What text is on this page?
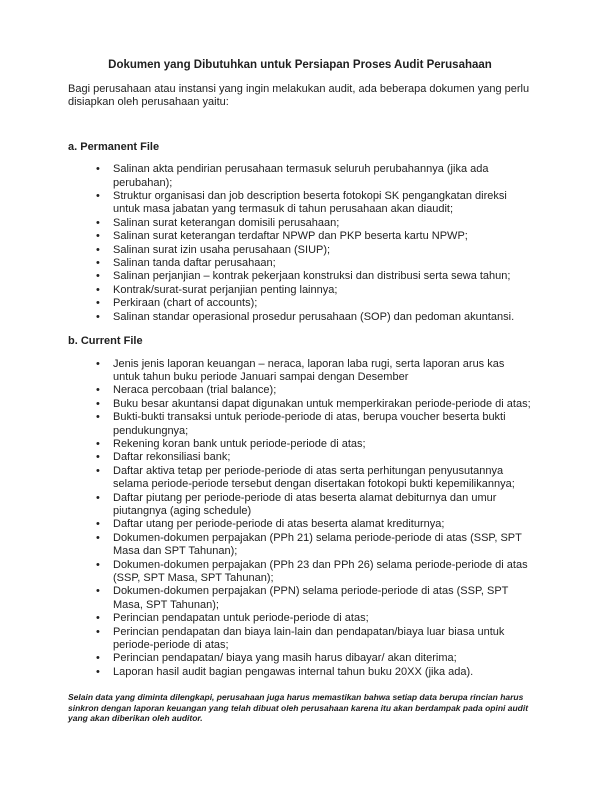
Dokumen yang Dibutuhkan untuk Persiapan Proses Audit Perusahaan

Bagi perusahaan atau instansi yang ingin melakukan audit, ada beberapa dokumen yang perlu disiapkan oleh perusahaan yaitu:

a. Permanent File
•	Salinan akta pendirian perusahaan termasuk seluruh perubahannya (jika ada perubahan);
•	Struktur organisasi dan job description beserta fotokopi SK pengangkatan direksi untuk masa jabatan yang termasuk di tahun perusahaan akan diaudit;
•	Salinan surat keterangan domisili perusahaan;
•	Salinan surat keterangan terdaftar NPWP dan PKP beserta kartu NPWP;
•	Salinan surat izin usaha perusahaan (SIUP);
•	Salinan tanda daftar perusahaan;
•	Salinan perjanjian – kontrak pekerjaan konstruksi dan distribusi serta sewa tahun;
•	Kontrak/surat-surat perjanjian penting lainnya;
•	Perkiraan (chart of accounts);
•	Salinan standar operasional prosedur perusahaan (SOP) dan pedoman akuntansi.
b. Current File
•	Jenis jenis laporan keuangan – neraca, laporan laba rugi, serta laporan arus kas untuk tahun buku periode Januari sampai dengan Desember
•	Neraca percobaan (trial balance);
•	Buku besar akuntansi dapat digunakan untuk memperkirakan periode-periode di atas;
•	Bukti-bukti transaksi untuk periode-periode di atas, berupa voucher beserta bukti pendukungnya;
•	Rekening koran bank untuk periode-periode di atas;
•	Daftar rekonsiliasi bank;
•	Daftar aktiva tetap per periode-periode di atas serta perhitungan penyusutannya selama periode-periode tersebut dengan disertakan fotokopi bukti kepemilikannya;
•	Daftar piutang per periode-periode di atas beserta alamat debiturnya dan umur piutangnya (aging schedule)
•	Daftar utang per periode-periode di atas beserta alamat krediturnya;
•	Dokumen-dokumen perpajakan (PPh 21) selama periode-periode di atas (SSP, SPT Masa dan SPT Tahunan);
•	Dokumen-dokumen perpajakan (PPh 23 dan PPh 26) selama periode-periode di atas (SSP, SPT Masa, SPT Tahunan);
•	Dokumen-dokumen perpajakan (PPN) selama periode-periode di atas (SSP, SPT Masa, SPT Tahunan);
•	Perincian pendapatan untuk periode-periode di atas;
•	Perincian pendapatan dan biaya lain-lain dan pendapatan/biaya luar biasa untuk periode-periode di atas;
•	Perincian pendapatan/ biaya yang masih harus dibayar/ akan diterima;
•	Laporan hasil audit bagian pengawas internal tahun buku 20XX (jika ada).

Selain data yang diminta dilengkapi, perusahaan juga harus memastikan bahwa setiap data berupa rincian harus sinkron dengan laporan keuangan yang telah dibuat oleh perusahaan karena itu akan berdampak pada opini audit yang akan diberikan oleh auditor.
